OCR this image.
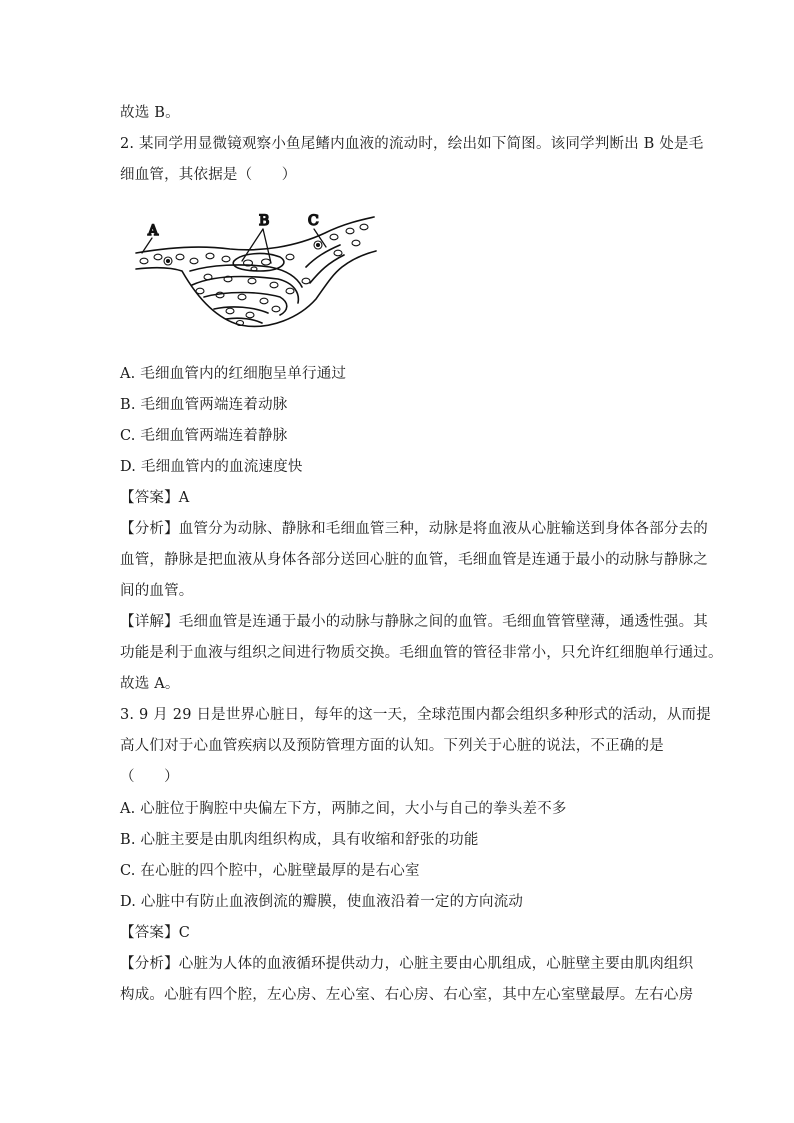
故选 B。
2. 某同学用显微镜观察小鱼尾鳍内血液的流动时，绘出如下简图。该同学判断出 B 处是毛
细血管，其依据是（　　）
A
B	C
A. 毛细血管内的红细胞呈单行通过
B. 毛细血管两端连着动脉
C. 毛细血管两端连着静脉
D. 毛细血管内的血流速度快
【答案】A
【分析】血管分为动脉、静脉和毛细血管三种，动脉是将血液从心脏输送到身体各部分去的
血管，静脉是把血液从身体各部分送回心脏的血管，毛细血管是连通于最小的动脉与静脉之
间的血管。
【详解】毛细血管是连通于最小的动脉与静脉之间的血管。毛细血管管壁薄，通透性强。其
功能是利于血液与组织之间进行物质交换。毛细血管的管径非常小，只允许红细胞单行通过。
故选 A。
3. 9 月 29 日是世界心脏日，每年的这一天，全球范围内都会组织多种形式的活动，从而提
高人们对于心血管疾病以及预防管理方面的认知。下列关于心脏的说法，不正确的是
（　　）
A. 心脏位于胸腔中央偏左下方，两肺之间，大小与自己的拳头差不多
B. 心脏主要是由肌肉组织构成，具有收缩和舒张的功能
C. 在心脏的四个腔中，心脏壁最厚的是右心室
D. 心脏中有防止血液倒流的瓣膜，使血液沿着一定的方向流动
【答案】C
【分析】心脏为人体的血液循环提供动力，心脏主要由心肌组成，心脏壁主要由肌肉组织
构成。心脏有四个腔，左心房、左心室、右心房、右心室，其中左心室壁最厚。左右心房
